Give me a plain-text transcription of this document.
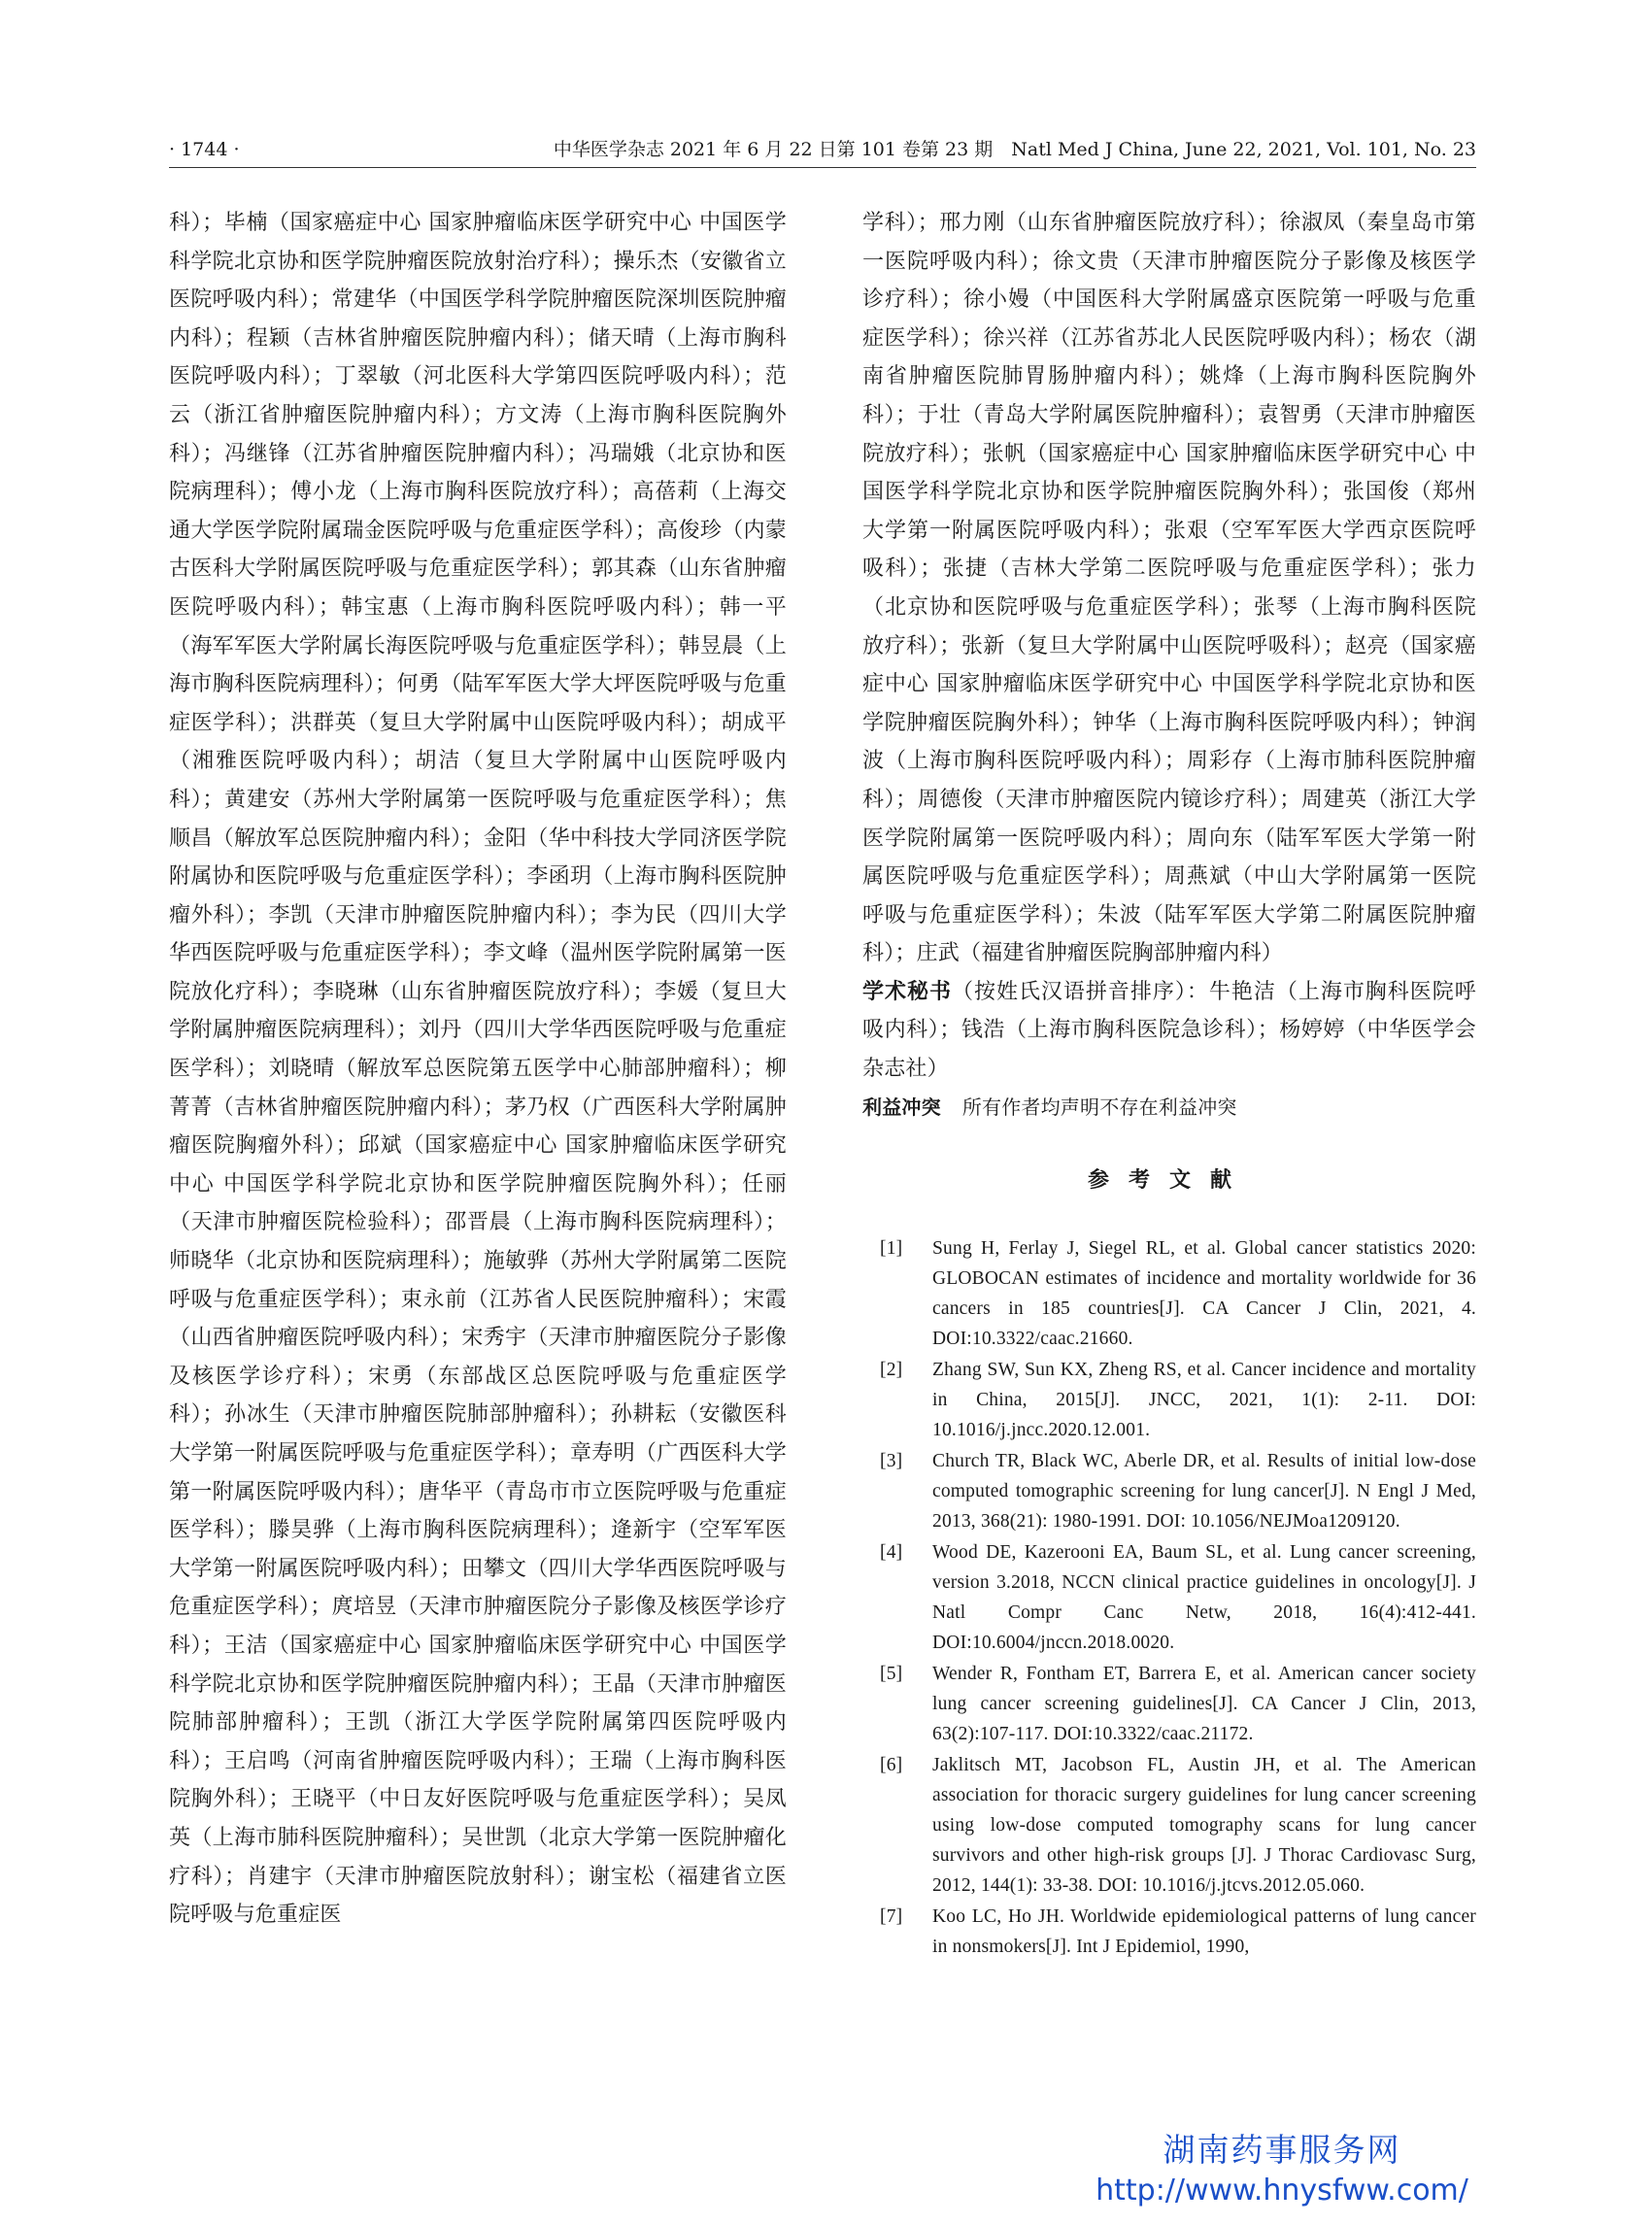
· 1744 ·	中华医学杂志 2021 年 6 月 22 日第 101 卷第 23 期　Natl Med J China, June 22, 2021, Vol. 101, No. 23

科）；毕楠（国家癌症中心 国家肿瘤临床医学研究中心 中国医学科学院北京协和医学院肿瘤医院放射治疗科）；操乐杰（安徽省立医院呼吸内科）；常建华（中国医学科学院肿瘤医院深圳医院肿瘤内科）；程颖（吉林省肿瘤医院肿瘤内科）；储天晴（上海市胸科医院呼吸内科）；丁翠敏（河北医科大学第四医院呼吸内科）；范云（浙江省肿瘤医院肿瘤内科）；方文涛（上海市胸科医院胸外科）；冯继锋（江苏省肿瘤医院肿瘤内科）；冯瑞娥（北京协和医院病理科）；傅小龙（上海市胸科医院放疗科）；高蓓莉（上海交通大学医学院附属瑞金医院呼吸与危重症医学科）；高俊珍（内蒙古医科大学附属医院呼吸与危重症医学科）；郭其森（山东省肿瘤医院呼吸内科）；韩宝惠（上海市胸科医院呼吸内科）；韩一平（海军军医大学附属长海医院呼吸与危重症医学科）；韩昱晨（上海市胸科医院病理科）；何勇（陆军军医大学大坪医院呼吸与危重症医学科）；洪群英（复旦大学附属中山医院呼吸内科）；胡成平（湘雅医院呼吸内科）；胡洁（复旦大学附属中山医院呼吸内科）；黄建安（苏州大学附属第一医院呼吸与危重症医学科）；焦顺昌（解放军总医院肿瘤内科）；金阳（华中科技大学同济医学院附属协和医院呼吸与危重症医学科）；李函玥（上海市胸科医院肿瘤外科）；李凯（天津市肿瘤医院肿瘤内科）；李为民（四川大学华西医院呼吸与危重症医学科）；李文峰（温州医学院附属第一医院放化疗科）；李晓琳（山东省肿瘤医院放疗科）；李媛（复旦大学附属肿瘤医院病理科）；刘丹（四川大学华西医院呼吸与危重症医学科）；刘晓晴（解放军总医院第五医学中心肺部肿瘤科）；柳菁菁（吉林省肿瘤医院肿瘤内科）；茅乃权（广西医科大学附属肿瘤医院胸瘤外科）；邱斌（国家癌症中心 国家肿瘤临床医学研究中心 中国医学科学院北京协和医学院肿瘤医院胸外科）；任丽（天津市肿瘤医院检验科）；邵晋晨（上海市胸科医院病理科）；师晓华（北京协和医院病理科）；施敏骅（苏州大学附属第二医院呼吸与危重症医学科）；束永前（江苏省人民医院肿瘤科）；宋霞（山西省肿瘤医院呼吸内科）；宋秀宇（天津市肿瘤医院分子影像及核医学诊疗科）；宋勇（东部战区总医院呼吸与危重症医学科）；孙冰生（天津市肿瘤医院肺部肿瘤科）；孙耕耘（安徽医科大学第一附属医院呼吸与危重症医学科）；章寿明（广西医科大学第一附属医院呼吸内科）；唐华平（青岛市市立医院呼吸与危重症医学科）；滕昊骅（上海市胸科医院病理科）；逄新宇（空军军医大学第一附属医院呼吸内科）；田攀文（四川大学华西医院呼吸与危重症医学科）；庹培昱（天津市肿瘤医院分子影像及核医学诊疗科）；王洁（国家癌症中心 国家肿瘤临床医学研究中心 中国医学科学院北京协和医学院肿瘤医院肿瘤内科）；王晶（天津市肿瘤医院肺部肿瘤科）；王凯（浙江大学医学院附属第四医院呼吸内科）；王启鸣（河南省肿瘤医院呼吸内科）；王瑞（上海市胸科医院胸外科）；王晓平（中日友好医院呼吸与危重症医学科）；吴凤英（上海市肺科医院肿瘤科）；吴世凯（北京大学第一医院肿瘤化疗科）；肖建宇（天津市肿瘤医院放射科）；谢宝松（福建省立医院呼吸与危重症医

学科）；邢力刚（山东省肿瘤医院放疗科）；徐淑凤（秦皇岛市第一医院呼吸内科）；徐文贵（天津市肿瘤医院分子影像及核医学诊疗科）；徐小嫚（中国医科大学附属盛京医院第一呼吸与危重症医学科）；徐兴祥（江苏省苏北人民医院呼吸内科）；杨农（湖南省肿瘤医院肺胃肠肿瘤内科）；姚烽（上海市胸科医院胸外科）；于壮（青岛大学附属医院肿瘤科）；袁智勇（天津市肿瘤医院放疗科）；张帆（国家癌症中心 国家肿瘤临床医学研究中心 中国医学科学院北京协和医学院肿瘤医院胸外科）；张国俊（郑州大学第一附属医院呼吸内科）；张艰（空军军医大学西京医院呼吸科）；张捷（吉林大学第二医院呼吸与危重症医学科）；张力（北京协和医院呼吸与危重症医学科）；张琴（上海市胸科医院放疗科）；张新（复旦大学附属中山医院呼吸科）；赵亮（国家癌症中心 国家肿瘤临床医学研究中心 中国医学科学院北京协和医学院肿瘤医院胸外科）；钟华（上海市胸科医院呼吸内科）；钟润波（上海市胸科医院呼吸内科）；周彩存（上海市肺科医院肿瘤科）；周德俊（天津市肿瘤医院内镜诊疗科）；周建英（浙江大学医学院附属第一医院呼吸内科）；周向东（陆军军医大学第一附属医院呼吸与危重症医学科）；周燕斌（中山大学附属第一医院呼吸与危重症医学科）；朱波（陆军军医大学第二附属医院肿瘤科）；庄武（福建省肿瘤医院胸部肿瘤内科）

学术秘书（按姓氏汉语拼音排序）：牛艳洁（上海市胸科医院呼吸内科）；钱浩（上海市胸科医院急诊科）；杨婷婷（中华医学会杂志社）

利益冲突 所有作者均声明不存在利益冲突

参考文献
[1] Sung H, Ferlay J, Siegel RL, et al. Global cancer statistics 2020: GLOBOCAN estimates of incidence and mortality worldwide for 36 cancers in 185 countries[J]. CA Cancer J Clin, 2021, 4. DOI:10.3322/caac.21660.
[2] Zhang SW, Sun KX, Zheng RS, et al. Cancer incidence and mortality in China, 2015[J]. JNCC, 2021, 1(1): 2-11. DOI: 10.1016/j.jncc.2020.12.001.
[3] Church TR, Black WC, Aberle DR, et al. Results of initial low-dose computed tomographic screening for lung cancer[J]. N Engl J Med, 2013, 368(21): 1980-1991. DOI: 10.1056/NEJMoa1209120.
[4] Wood DE, Kazerooni EA, Baum SL, et al. Lung cancer screening, version 3.2018, NCCN clinical practice guidelines in oncology[J]. J Natl Compr Canc Netw, 2018, 16(4):412-441. DOI:10.6004/jnccn.2018.0020.
[5] Wender R, Fontham ET, Barrera E, et al. American cancer society lung cancer screening guidelines[J]. CA Cancer J Clin, 2013, 63(2):107-117. DOI:10.3322/caac.21172.
[6] Jaklitsch MT, Jacobson FL, Austin JH, et al. The American association for thoracic surgery guidelines for lung cancer screening using low-dose computed tomography scans for lung cancer survivors and other high-risk groups [J]. J Thorac Cardiovasc Surg, 2012, 144(1): 33-38. DOI: 10.1016/j.jtcvs.2012.05.060.
[7] Koo LC, Ho JH. Worldwide epidemiological patterns of lung cancer in nonsmokers[J]. Int J Epidemiol, 1990,
湖南药事服务网
http://www.hnysfww.com/
